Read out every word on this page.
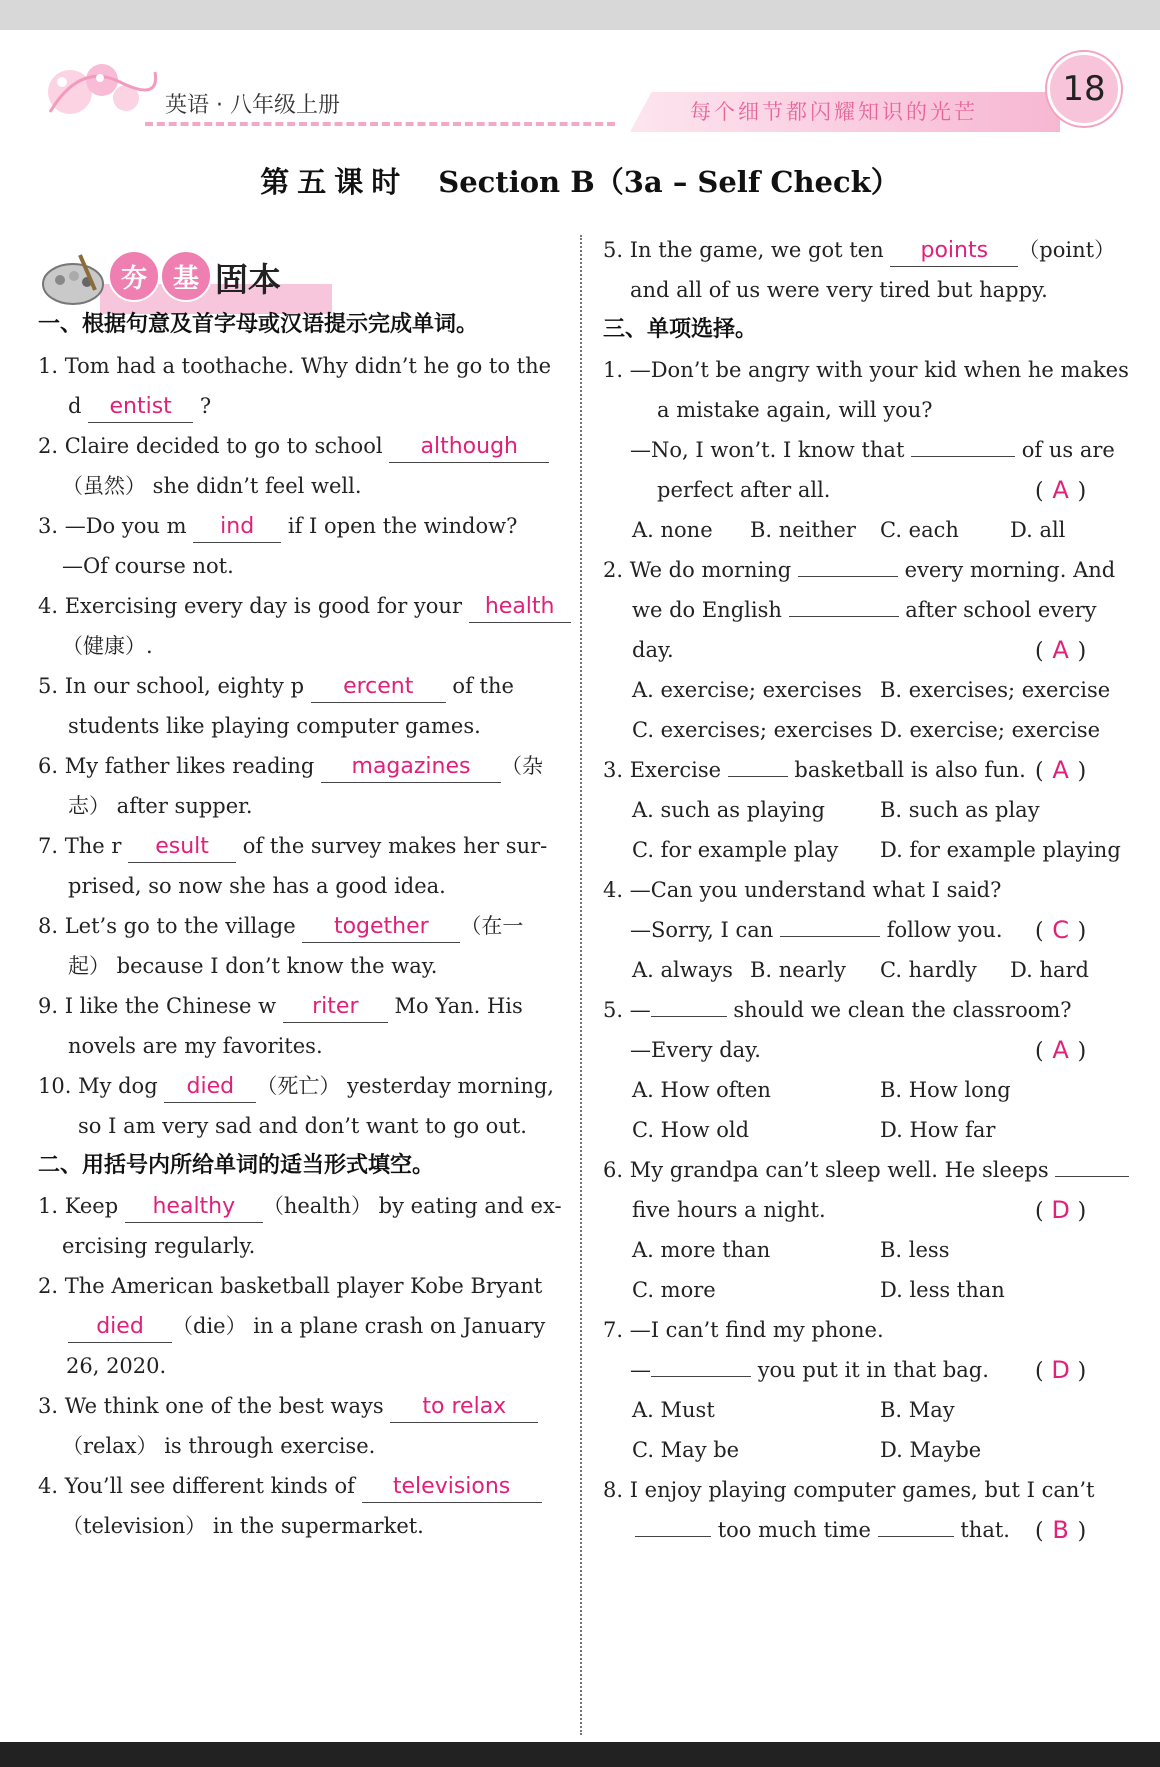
英语 · 八年级上册	每个细节都闪耀知识的光芒
18
第五课时 Section B（3a – Self Check）
夯 基 固本
一、根据句意及首字母或汉语提示完成单词。
1. Tom had a toothache. Why didn’t he go to the
d entist ?
2. Claire decided to go to school although
（虽然） she didn’t feel well.
3. —Do you m ind if I open the window?
—Of course not.
4. Exercising every day is good for your health
（健康）.
5. In our school, eighty p ercent of the
students like playing computer games.
6. My father likes reading magazines （杂
志） after supper.
7. The r esult of the survey makes her sur-
prised, so now she has a good idea.
8. Let’s go to the village together （在一
起） because I don’t know the way.
9. I like the Chinese w riter Mo Yan. His
novels are my favorites.
10. My dog died （死亡） yesterday morning,
so I am very sad and don’t want to go out.
二、用括号内所给单词的适当形式填空。
1. Keep healthy （health） by eating and ex-
ercising regularly.
2. The American basketball player Kobe Bryant
died （die） in a plane crash on January
26, 2020.
3. We think one of the best ways to relax
（relax） is through exercise.
4. You’ll see different kinds of televisions
（television） in the supermarket.
5. In the game, we got ten points （point）
and all of us were very tired but happy.
三、单项选择。
1. —Don’t be angry with your kid when he makes
a mistake again, will you?
—No, I won’t. I know that	of us are
perfect after all.	( A )
A. none B. neither C. each D. all
2. We do morning	every morning. And
we do English	after school every
day.	( A )
A. exercise; exercises B. exercises; exercise
C. exercises; exercises D. exercise; exercise
3. Exercise	basketball is also fun. ( A )
A. such as playing	B. such as play
C. for example play D. for example playing
4. —Can you understand what I said?
—Sorry, I can	follow you. ( C )
A. always B. nearly C. hardly D. hard
5. —	should we clean the classroom?
—Every day.	( A )
A. How often	B. How long
C. How old	D. How far
6. My grandpa can’t sleep well. He sleeps
five hours a night.	( D )
A. more than	B. less
C. more	D. less than
7. —I can’t find my phone.
—	you put it in that bag. ( D )
A. Must	B. May
C. May be	D. Maybe
8. I enjoy playing computer games, but I can’t
too much time	that. ( B )
